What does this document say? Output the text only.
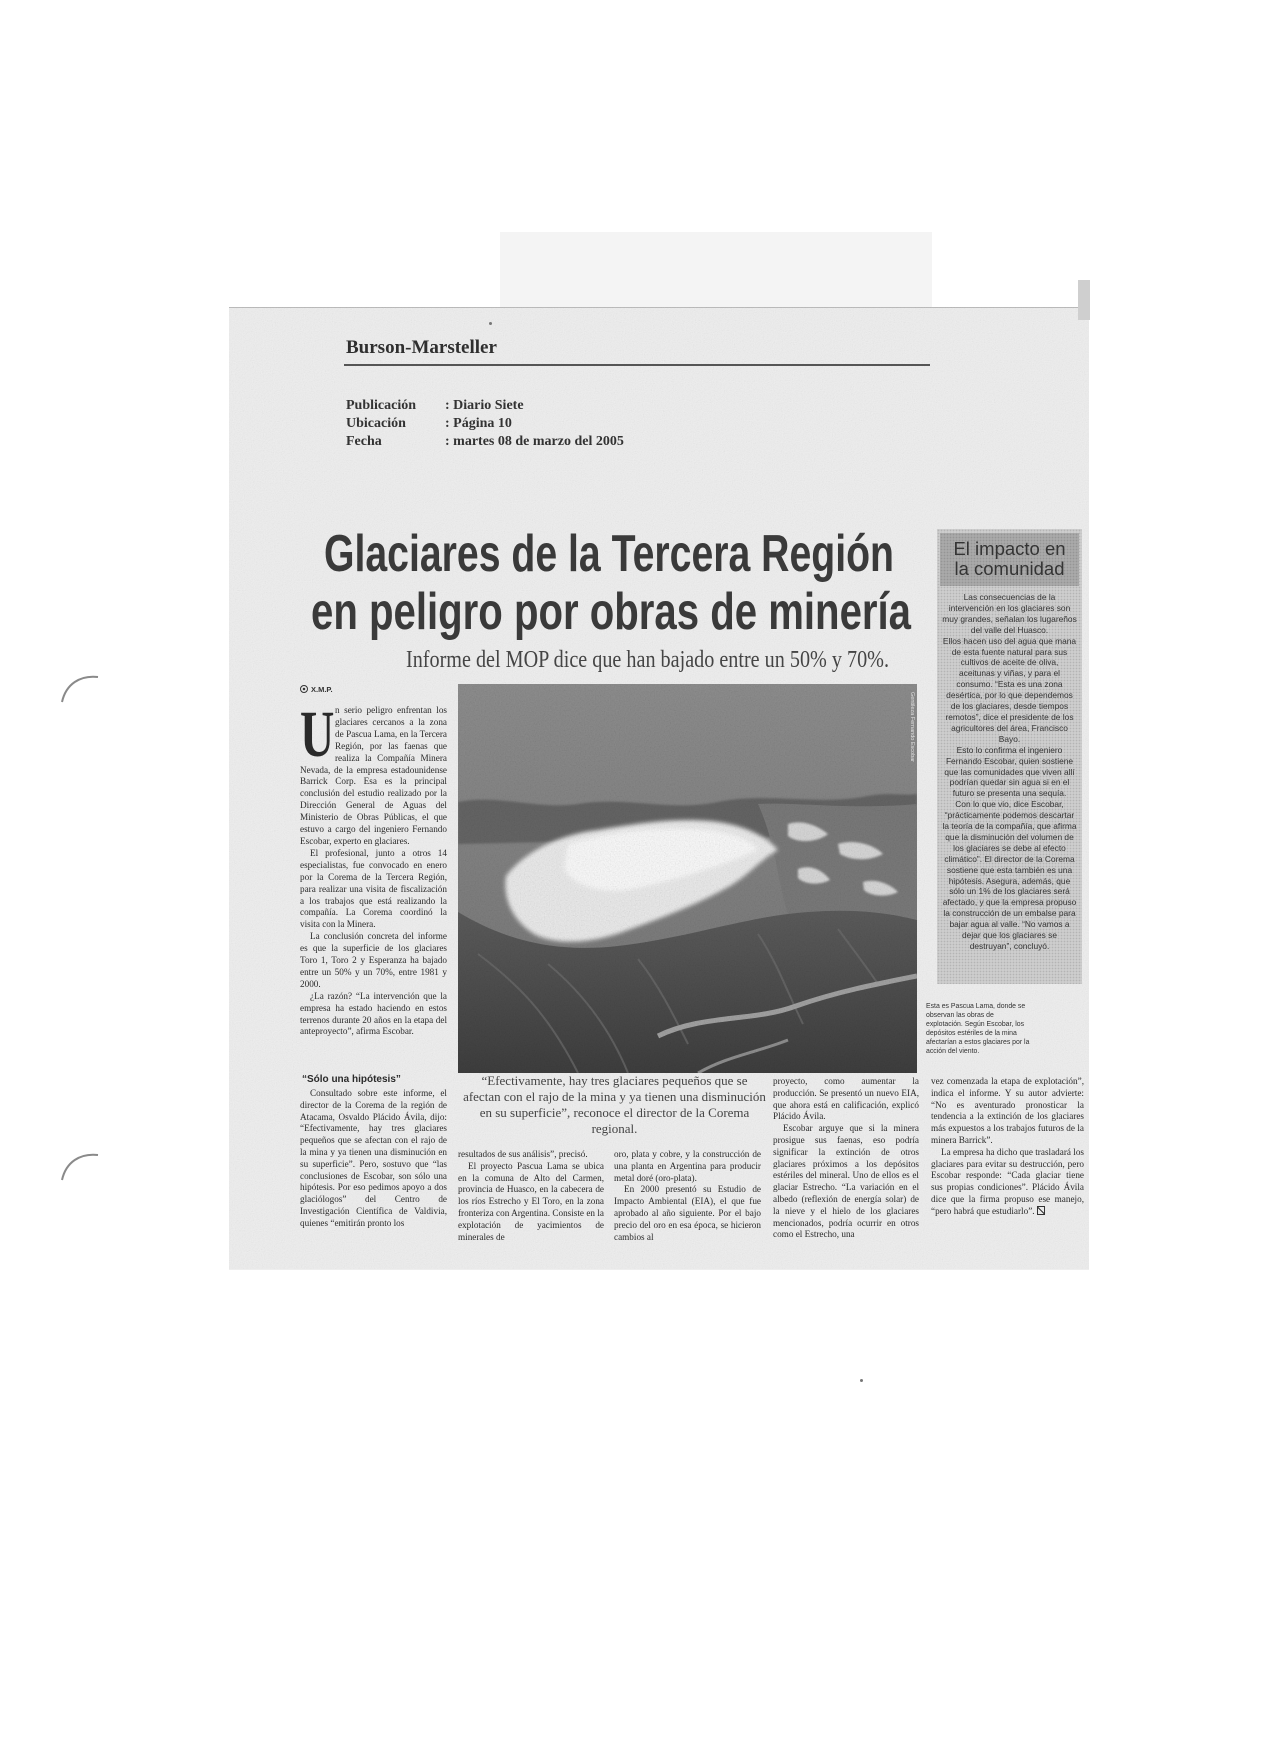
Burson-Marsteller
Publicación : Diario Siete
Ubicación	: Página 10
Fecha	: martes 08 de marzo del 2005
Glaciares de la Tercera Región
en peligro por obras de minería
Informe del MOP dice que han bajado entre un 50% y 70%.
X.M.P.

Un serio peligro enfrentan los glaciares cercanos a la zona de Pascua Lama, en la Tercera Región, por las faenas que realiza la Compañía Minera Nevada, de la empresa estadounidense Barrick Corp. Esa es la principal conclusión del estudio realizado por la Dirección General de Aguas del Ministerio de Obras Públicas, el que estuvo a cargo del ingeniero Fernando Escobar, experto en glaciares.

El profesional, junto a otros 14 especialistas, fue convocado en enero por la Corema de la Tercera Región, para realizar una visita de fiscalización a los trabajos que está realizando la compañía. La Corema coordinó la visita con la Minera.

La conclusión concreta del informe es que la superficie de los glaciares Toro 1, Toro 2 y Esperanza ha bajado entre un 50% y un 70%, entre 1981 y 2000.

¿La razón? “La intervención que la empresa ha estado haciendo en estos terrenos durante 20 años en la etapa del anteproyecto”, afirma Escobar.

Gentileza Fernando Escobar
El impacto en
la comunidad

Las consecuencias de la intervención en los glaciares son muy grandes, señalan los lugareños del valle del Huasco.

Ellos hacen uso del agua que mana de esta fuente natural para sus cultivos de aceite de oliva, aceitunas y viñas, y para el consumo. “Esta es una zona desértica, por lo que dependemos de los glaciares, desde tiempos remotos”, dice el presidente de los agricultores del área, Francisco Bayo.

Esto lo confirma el ingeniero Fernando Escobar, quien sostiene que las comunidades que viven allí podrían quedar sin agua si en el futuro se presenta una sequía.

Con lo que vio, dice Escobar, “prácticamente podemos descartar la teoría de la compañía, que afirma que la disminución del volumen de los glaciares se debe al efecto climático”. El director de la Corema sostiene que esta también es una hipótesis. Asegura, además, que sólo un 1% de los glaciares será afectado, y que la empresa propuso la construcción de un embalse para bajar agua al valle. “No vamos a dejar que los glaciares se destruyan”, concluyó.

Esta es Pascua Lama, donde se observan las obras de explotación. Según Escobar, los depósitos estériles de la mina afectarían a estos glaciares por la acción del viento.
“Sólo una hipótesis”

Consultado sobre este informe, el director de la Corema de la región de Atacama, Osvaldo Plácido Ávila, dijo: “Efectivamente, hay tres glaciares pequeños que se afectan con el rajo de la mina y ya tienen una disminución en su superficie”. Pero, sostuvo que “las conclusiones de Escobar, son sólo una hipótesis. Por eso pedimos apoyo a dos glaciólogos” del Centro de Investigación Científica de Valdivia, quienes “emitirán pronto los

“Efectivamente, hay tres glaciares pequeños que se afectan con el rajo de la mina y ya tienen una disminución en su superficie”, reconoce el director de la Corema regional.

resultados de sus análisis”, precisó.

El proyecto Pascua Lama se ubica en la comuna de Alto del Carmen, provincia de Huasco, en la cabecera de los ríos Estrecho y El Toro, en la zona fronteriza con Argentina. Consiste en la explotación de yacimientos de minerales de

oro, plata y cobre, y la construcción de una planta en Argentina para producir metal doré (oro-plata).

En 2000 presentó su Estudio de Impacto Ambiental (EIA), el que fue aprobado al año siguiente. Por el bajo precio del oro en esa época, se hicieron cambios al

proyecto, como aumentar la producción. Se presentó un nuevo EIA, que ahora está en calificación, explicó Plácido Ávila.

Escobar arguye que si la minera prosigue sus faenas, eso podría significar la extinción de otros glaciares próximos a los depósitos estériles del mineral. Uno de ellos es el glaciar Estrecho. “La variación en el albedo (reflexión de energía solar) de la nieve y el hielo de los glaciares mencionados, podría ocurrir en otros como el Estrecho, una

vez comenzada la etapa de explotación”, indica el informe. Y su autor advierte: “No es aventurado pronosticar la tendencia a la extinción de los glaciares más expuestos a los trabajos futuros de la minera Barrick”.

La empresa ha dicho que trasladará los glaciares para evitar su destrucción, pero Escobar responde: “Cada glaciar tiene sus propias condiciones”. Plácido Ávila dice que la firma propuso ese manejo, “pero habrá que estudiarlo”.
